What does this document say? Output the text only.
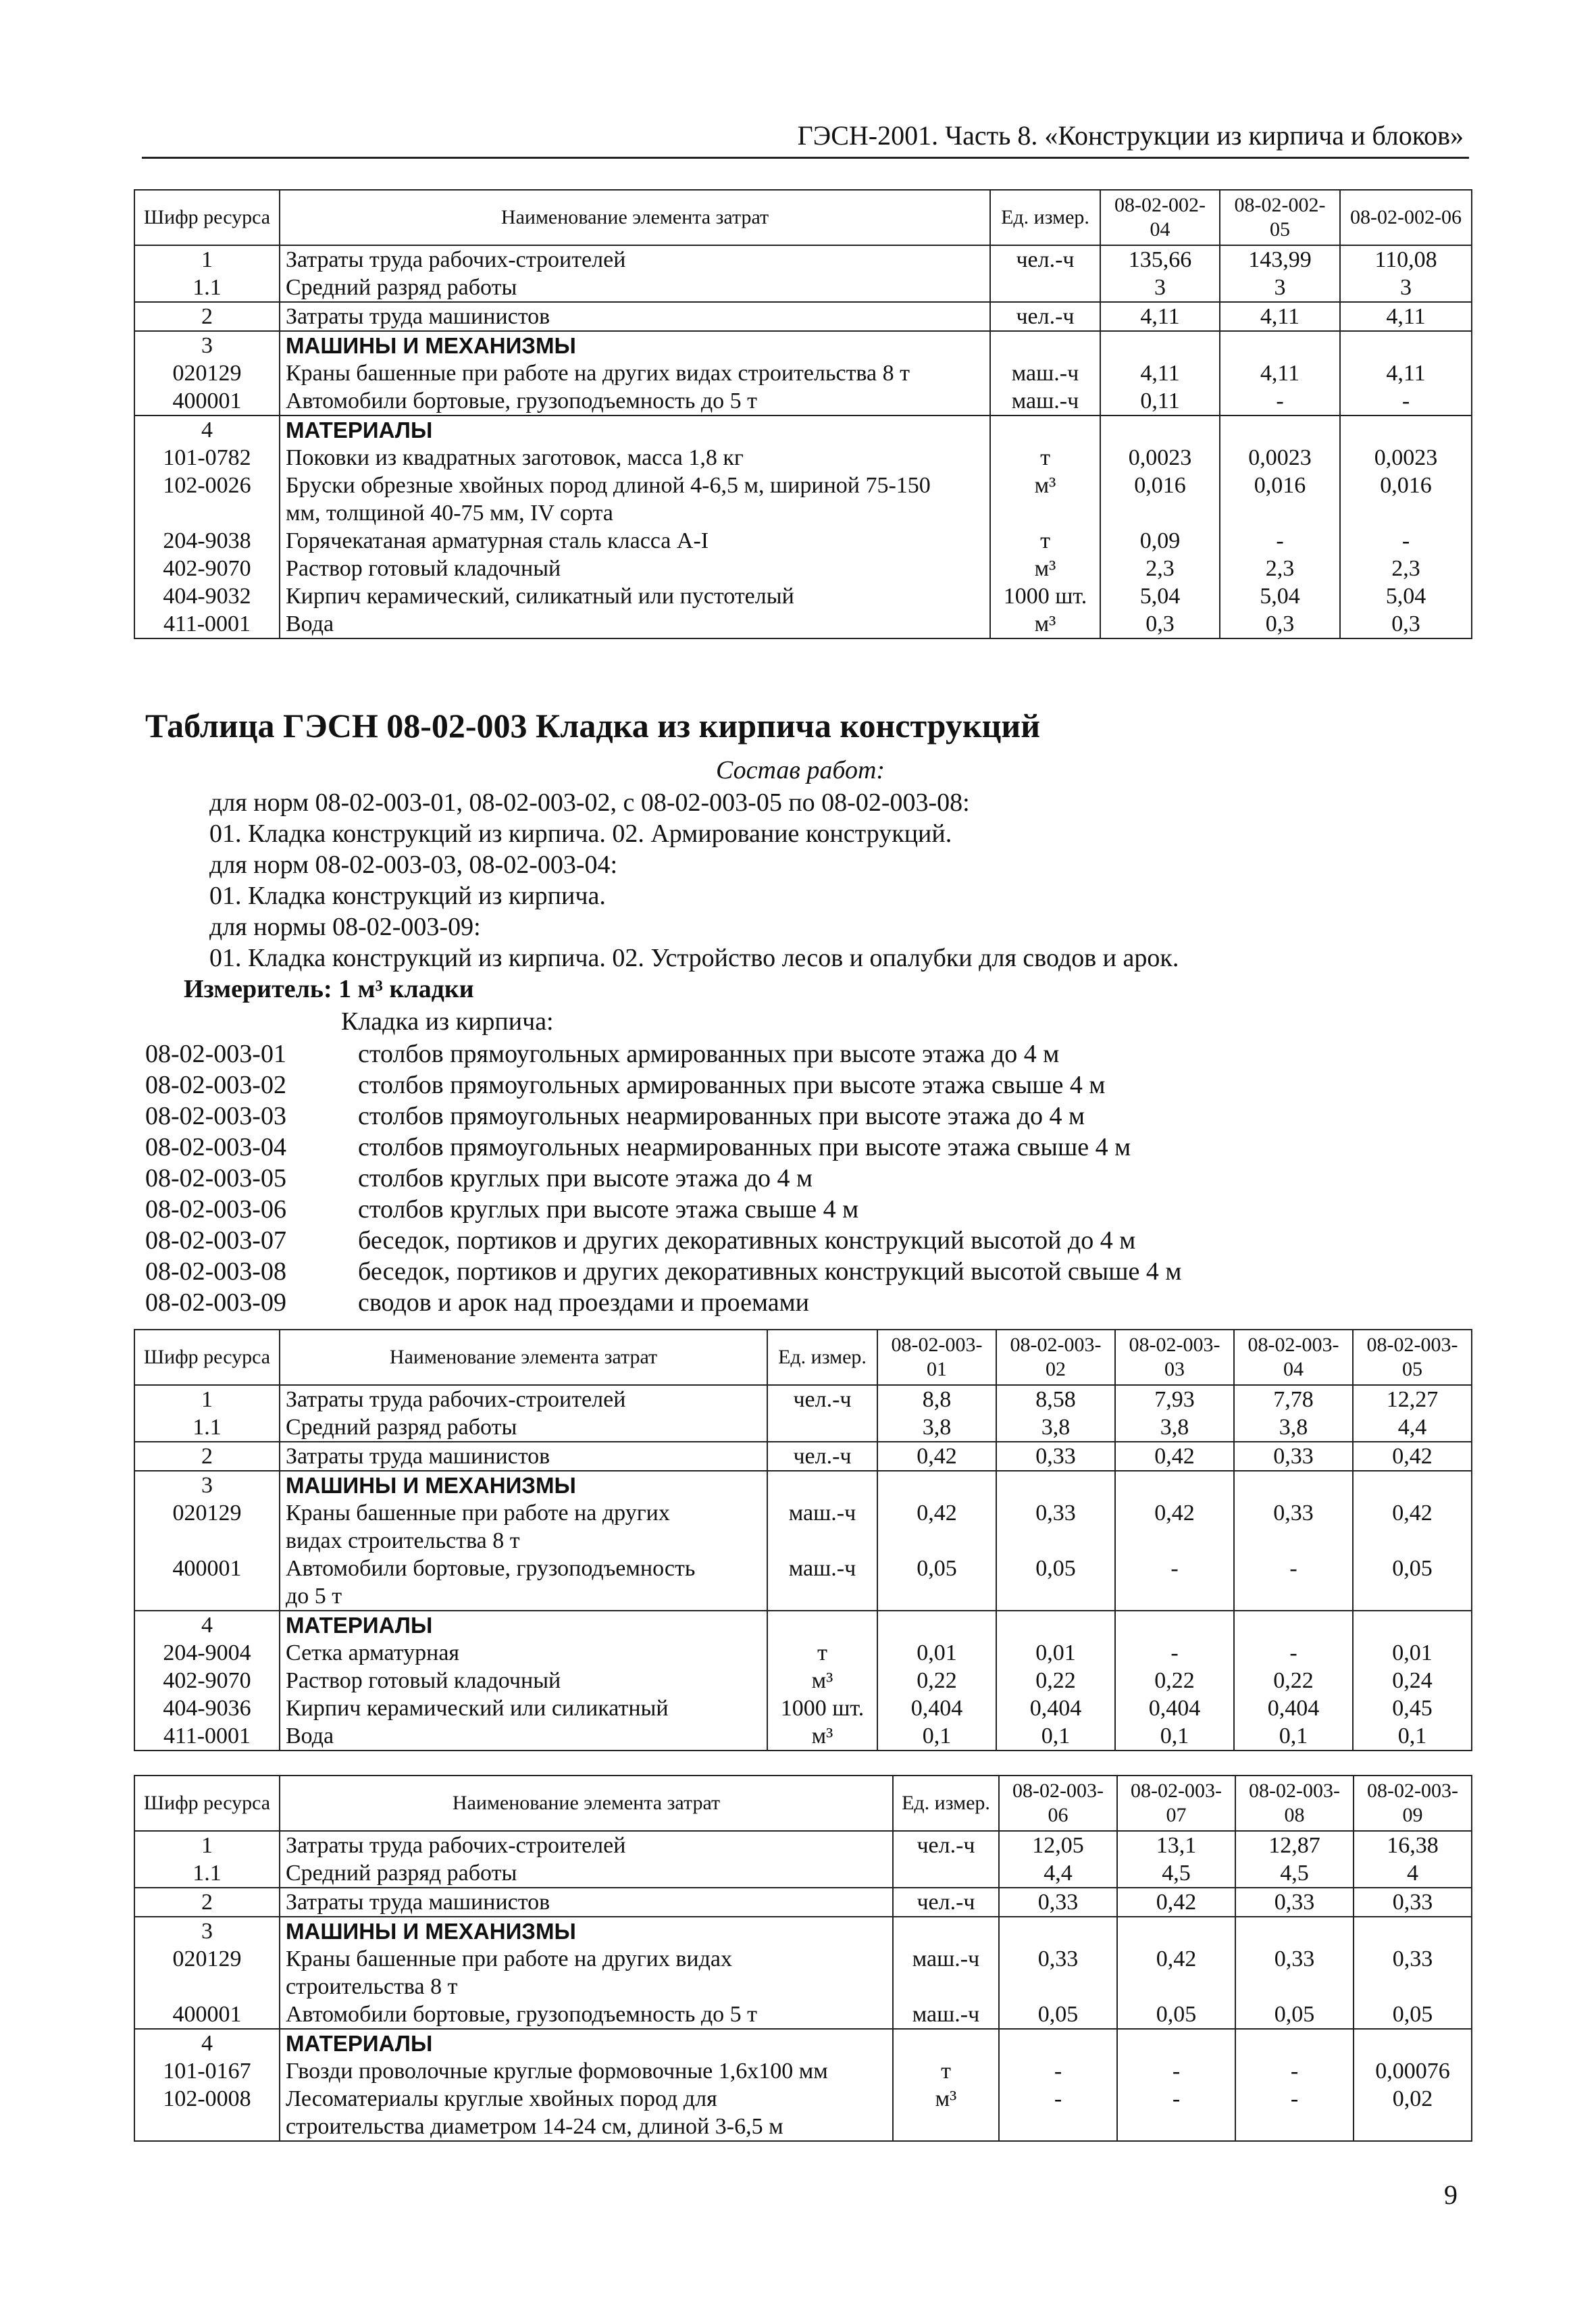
ГЭСН-2001. Часть 8. «Конструкции из кирпича и блоков»
Шифр ресурса	Наименование элемента затрат	Ед. измер.	08-02-002-04	08-02-002-05	08-02-002-06
1	Затраты труда рабочих-строителей	чел.-ч	135,66	143,99	110,08
1.1	Средний разряд работы		3	3	3
2	Затраты труда машинистов	чел.-ч	4,11	4,11	4,11
3	МАШИНЫ И МЕХАНИЗМЫ				
020129	Краны башенные при работе на других видах строительства 8 т	маш.-ч	4,11	4,11	4,11
400001	Автомобили бортовые, грузоподъемность до 5 т	маш.-ч	0,11	-	-
4	МАТЕРИАЛЫ				
101-0782	Поковки из квадратных заготовок, масса 1,8 кг	т	0,0023	0,0023	0,0023
102-0026	Бруски обрезные хвойных пород длиной 4-6,5 м, шириной 75-150	м³	0,016	0,016	0,016
	мм, толщиной 40-75 мм, IV сорта				
204-9038	Горячекатаная арматурная сталь класса А-I	т	0,09	-	-
402-9070	Раствор готовый кладочный	м³	2,3	2,3	2,3
404-9032	Кирпич керамический, силикатный или пустотелый	1000 шт.	5,04	5,04	5,04
411-0001	Вода	м³	0,3	0,3	0,3
Таблица ГЭСН 08-02-003 Кладка из кирпича конструкций
Состав работ:
для норм 08-02-003-01, 08-02-003-02, с 08-02-003-05 по 08-02-003-08:
01. Кладка конструкций из кирпича. 02. Армирование конструкций.
для норм 08-02-003-03, 08-02-003-04:
01. Кладка конструкций из кирпича.
для нормы 08-02-003-09:
01. Кладка конструкций из кирпича. 02. Устройство лесов и опалубки для сводов и арок.
Измеритель: 1 м³ кладки
Кладка из кирпича:
08-02-003-01	столбов прямоугольных армированных при высоте этажа до 4 м
08-02-003-02	столбов прямоугольных армированных при высоте этажа свыше 4 м
08-02-003-03	столбов прямоугольных неармированных при высоте этажа до 4 м
08-02-003-04	столбов прямоугольных неармированных при высоте этажа свыше 4 м
08-02-003-05	столбов круглых при высоте этажа до 4 м
08-02-003-06	столбов круглых при высоте этажа свыше 4 м
08-02-003-07	беседок, портиков и других декоративных конструкций высотой до 4 м
08-02-003-08	беседок, портиков и других декоративных конструкций высотой свыше 4 м
08-02-003-09	сводов и арок над проездами и проемами
Шифр ресурса	Наименование элемента затрат	Ед. измер.	08-02-003-01	08-02-003-02	08-02-003-03	08-02-003-04	08-02-003-05
1	Затраты труда рабочих-строителей	чел.-ч	8,8	8,58	7,93	7,78	12,27
1.1	Средний разряд работы		3,8	3,8	3,8	3,8	4,4
2	Затраты труда машинистов	чел.-ч	0,42	0,33	0,42	0,33	0,42
3	МАШИНЫ И МЕХАНИЗМЫ						
020129	Краны башенные при работе на других	маш.-ч	0,42	0,33	0,42	0,33	0,42
	видах строительства 8 т						
400001	Автомобили бортовые, грузоподъемность	маш.-ч	0,05	0,05	-	-	0,05
	до 5 т						
4	МАТЕРИАЛЫ						
204-9004	Сетка арматурная	т	0,01	0,01	-	-	0,01
402-9070	Раствор готовый кладочный	м³	0,22	0,22	0,22	0,22	0,24
404-9036	Кирпич керамический или силикатный	1000 шт.	0,404	0,404	0,404	0,404	0,45
411-0001	Вода	м³	0,1	0,1	0,1	0,1	0,1
Шифр ресурса	Наименование элемента затрат	Ед. измер.	08-02-003-06	08-02-003-07	08-02-003-08	08-02-003-09
1	Затраты труда рабочих-строителей	чел.-ч	12,05	13,1	12,87	16,38
1.1	Средний разряд работы		4,4	4,5	4,5	4
2	Затраты труда машинистов	чел.-ч	0,33	0,42	0,33	0,33
3	МАШИНЫ И МЕХАНИЗМЫ					
020129	Краны башенные при работе на других видах	маш.-ч	0,33	0,42	0,33	0,33
	строительства 8 т					
400001	Автомобили бортовые, грузоподъемность до 5 т	маш.-ч	0,05	0,05	0,05	0,05
4	МАТЕРИАЛЫ					
101-0167	Гвозди проволочные круглые формовочные 1,6х100 мм	т	-	-	-	0,00076
102-0008	Лесоматериалы круглые хвойных пород для	м³	-	-	-	0,02
	строительства диаметром 14-24 см, длиной 3-6,5 м					
9
